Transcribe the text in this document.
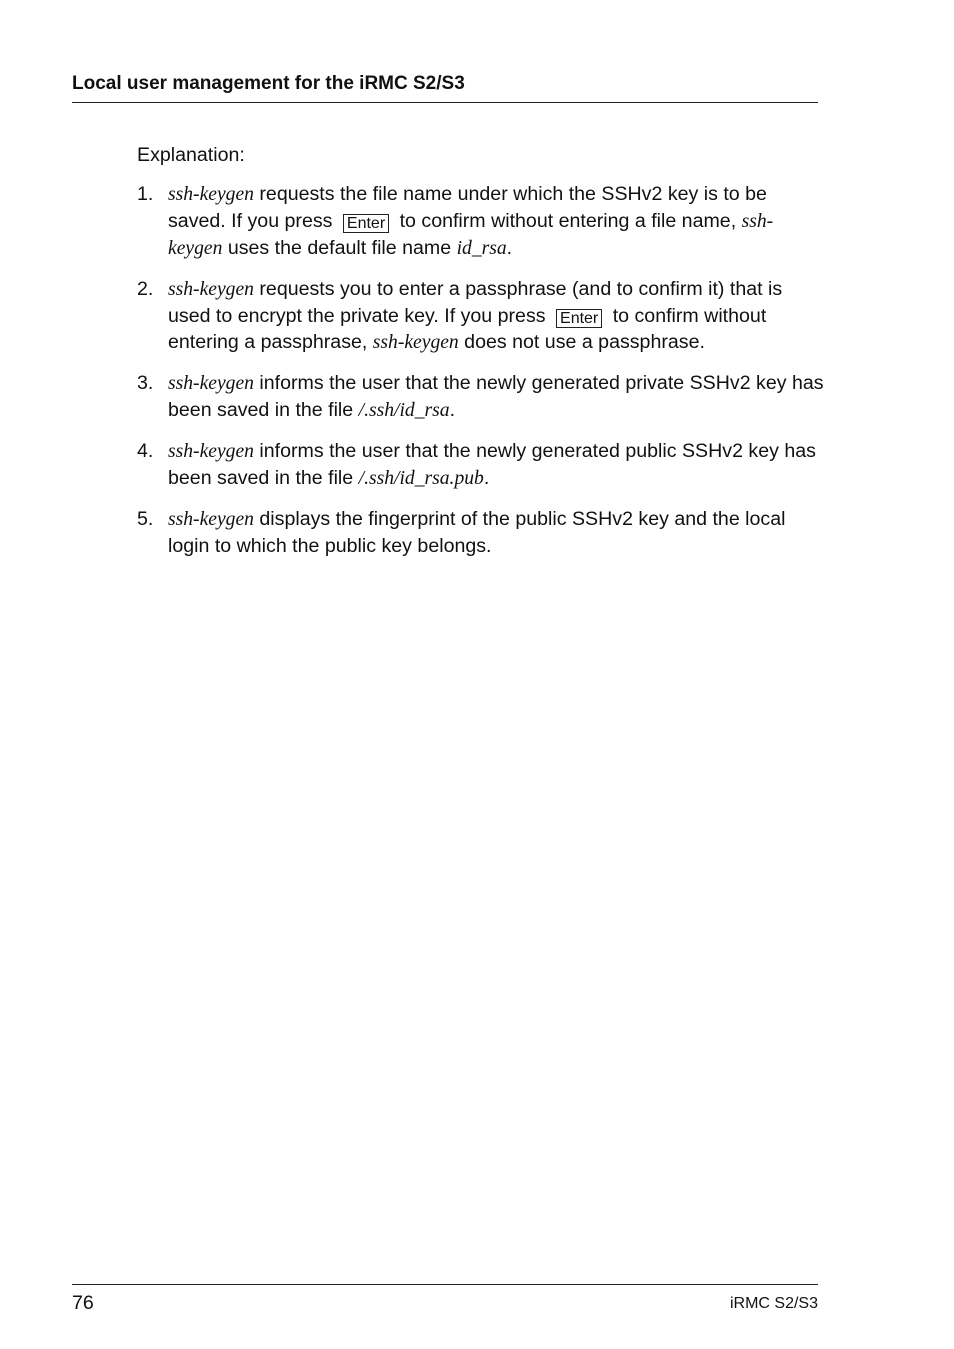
Local user management for the iRMC S2/S3

Explanation:

1. ssh-keygen requests the file name under which the SSHv2 key is to be saved. If you press Enter to confirm without entering a file name, ssh-keygen uses the default file name id_rsa.
2. ssh-keygen requests you to enter a passphrase (and to confirm it) that is used to encrypt the private key. If you press Enter to confirm without entering a passphrase, ssh-keygen does not use a passphrase.
3. ssh-keygen informs the user that the newly generated private SSHv2 key has been saved in the file /.ssh/id_rsa.
4. ssh-keygen informs the user that the newly generated public SSHv2 key has been saved in the file /.ssh/id_rsa.pub.
5. ssh-keygen displays the fingerprint of the public SSHv2 key and the local login to which the public key belongs.
76	iRMC S2/S3
